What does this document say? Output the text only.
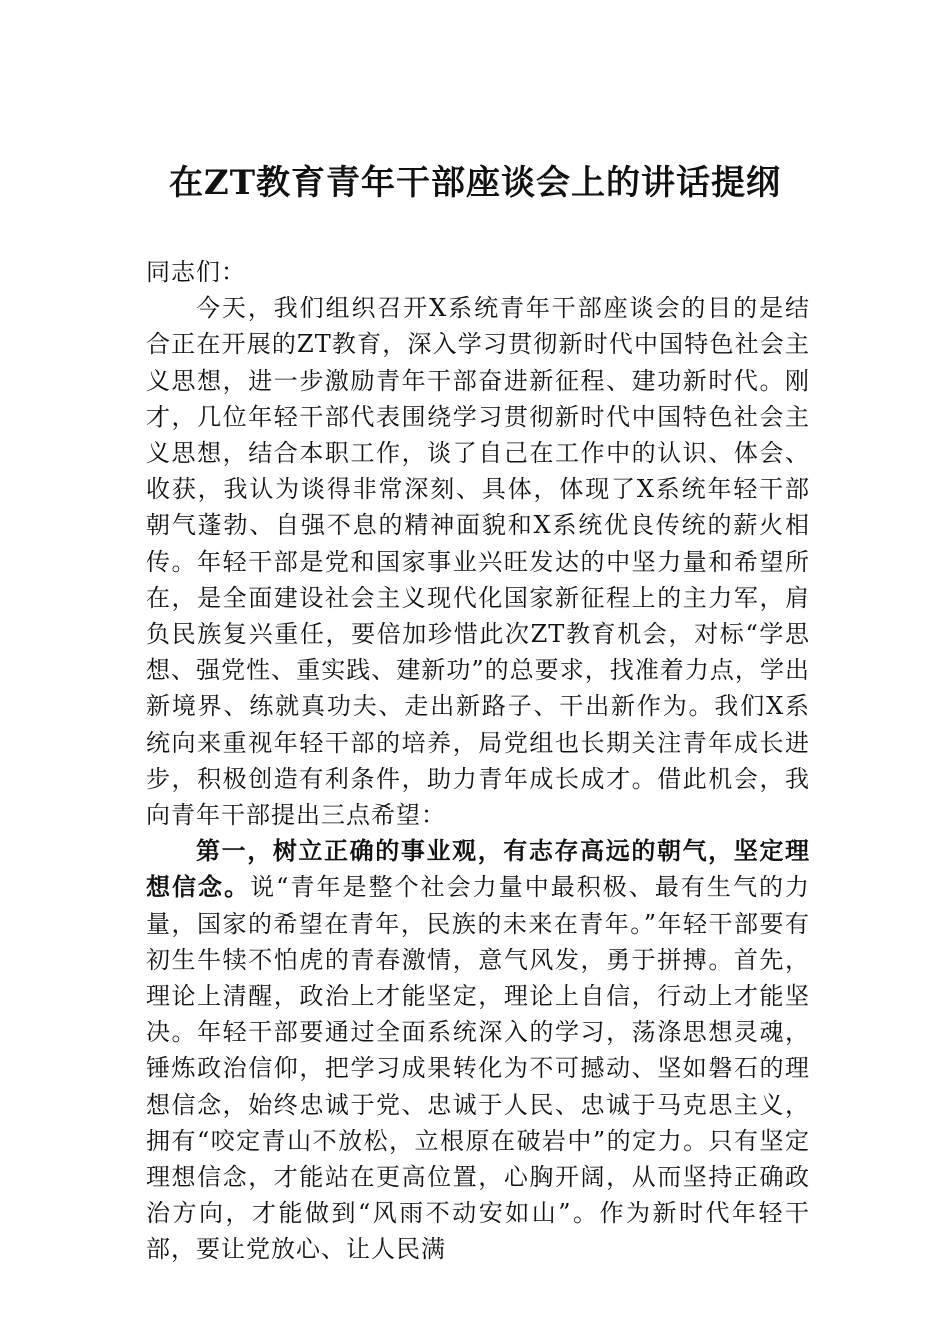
在ZT教育青年干部座谈会上的讲话提纲

同志们：

今天，我们组织召开X系统青年干部座谈会的目的是结合正在开展的ZT教育，深入学习贯彻新时代中国特色社会主义思想，进一步激励青年干部奋进新征程、建功新时代。刚才，几位年轻干部代表围绕学习贯彻新时代中国特色社会主义思想，结合本职工作，谈了自己在工作中的认识、体会、收获，我认为谈得非常深刻、具体，体现了X系统年轻干部朝气蓬勃、自强不息的精神面貌和X系统优良传统的薪火相传。年轻干部是党和国家事业兴旺发达的中坚力量和希望所在，是全面建设社会主义现代化国家新征程上的主力军，肩负民族复兴重任，要倍加珍惜此次ZT教育机会，对标“学思想、强党性、重实践、建新功”的总要求，找准着力点，学出新境界、练就真功夫、走出新路子、干出新作为。我们X系统向来重视年轻干部的培养，局党组也长期关注青年成长进步，积极创造有利条件，助力青年成长成才。借此机会，我向青年干部提出三点希望：

第一，树立正确的事业观，有志存高远的朝气，坚定理想信念。说“青年是整个社会力量中最积极、最有生气的力量，国家的希望在青年，民族的未来在青年。”年轻干部要有初生牛犊不怕虎的青春激情，意气风发，勇于拼搏。首先，理论上清醒，政治上才能坚定，理论上自信，行动上才能坚决。年轻干部要通过全面系统深入的学习，荡涤思想灵魂，锤炼政治信仰，把学习成果转化为不可撼动、坚如磐石的理想信念，始终忠诚于党、忠诚于人民、忠诚于马克思主义，拥有“咬定青山不放松，立根原在破岩中”的定力。只有坚定理想信念，才能站在更高位置，心胸开阔，从而坚持正确政治方向，才能做到“风雨不动安如山”。作为新时代年轻干部，要让党放心、让人民满
